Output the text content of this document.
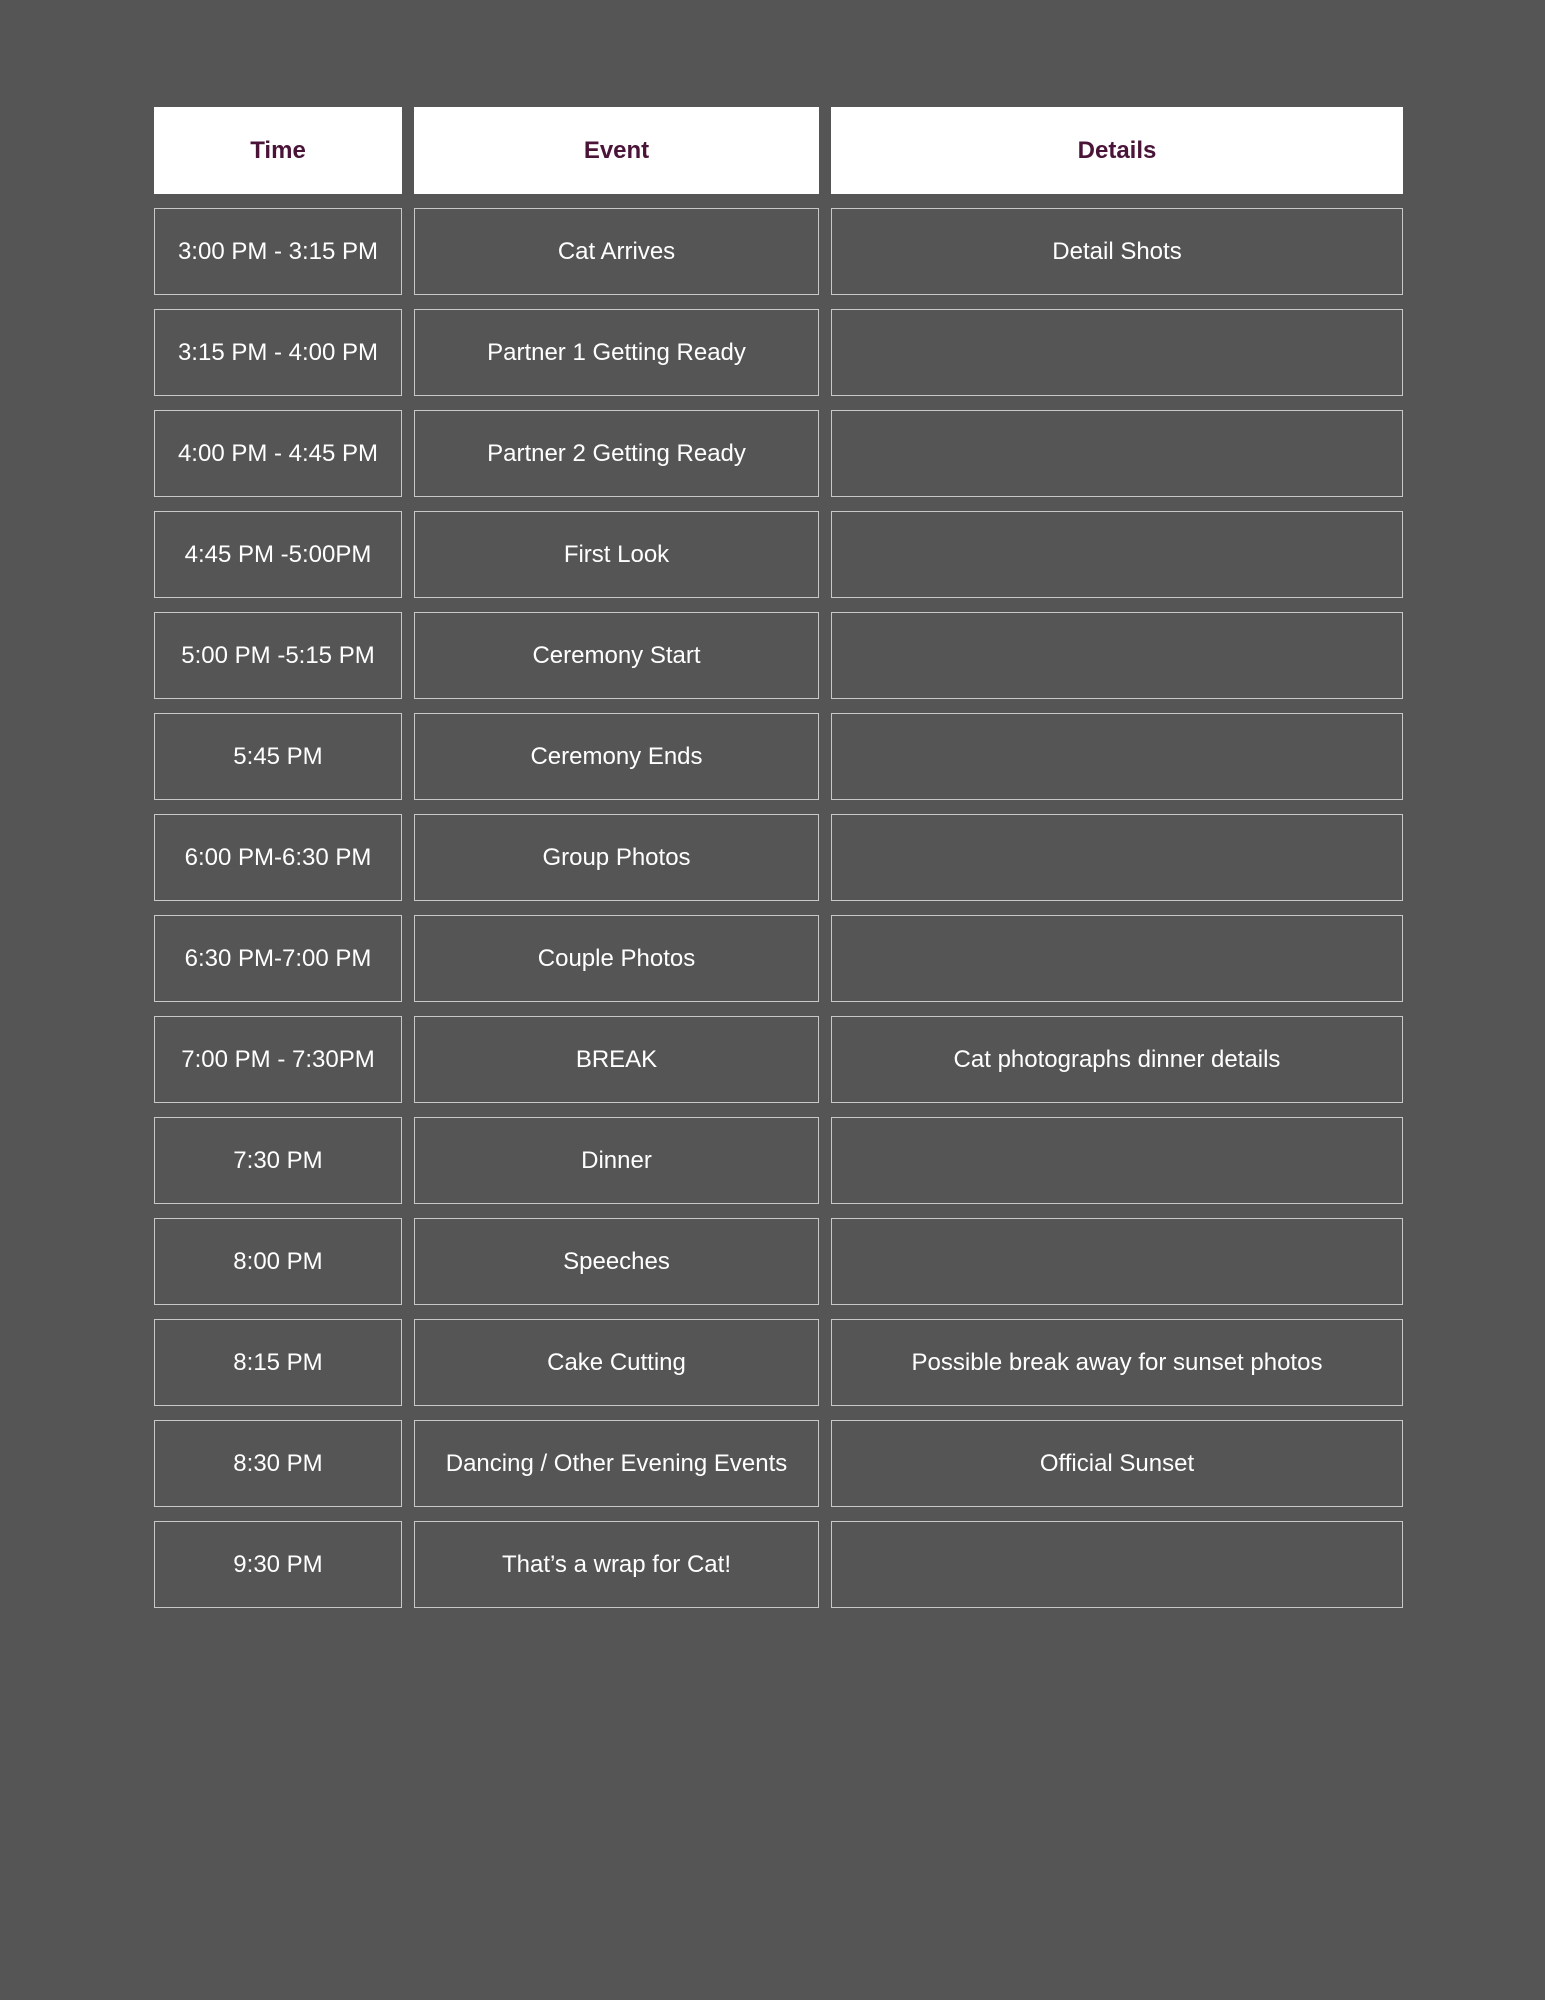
Time	Event	Details
3:00 PM - 3:15 PM	Cat Arrives	Detail Shots
3:15 PM - 4:00 PM	Partner 1 Getting Ready
4:00 PM - 4:45 PM	Partner 2 Getting Ready
4:45 PM -5:00PM	First Look
5:00 PM -5:15 PM	Ceremony Start
5:45 PM	Ceremony Ends
6:00 PM-6:30 PM	Group Photos
6:30 PM-7:00 PM	Couple Photos
7:00 PM - 7:30PM	BREAK	Cat photographs dinner details
7:30 PM	Dinner
8:00 PM	Speeches
8:15 PM	Cake Cutting	Possible break away for sunset photos
8:30 PM	Dancing / Other Evening Events	Official Sunset
9:30 PM	That’s a wrap for Cat!
